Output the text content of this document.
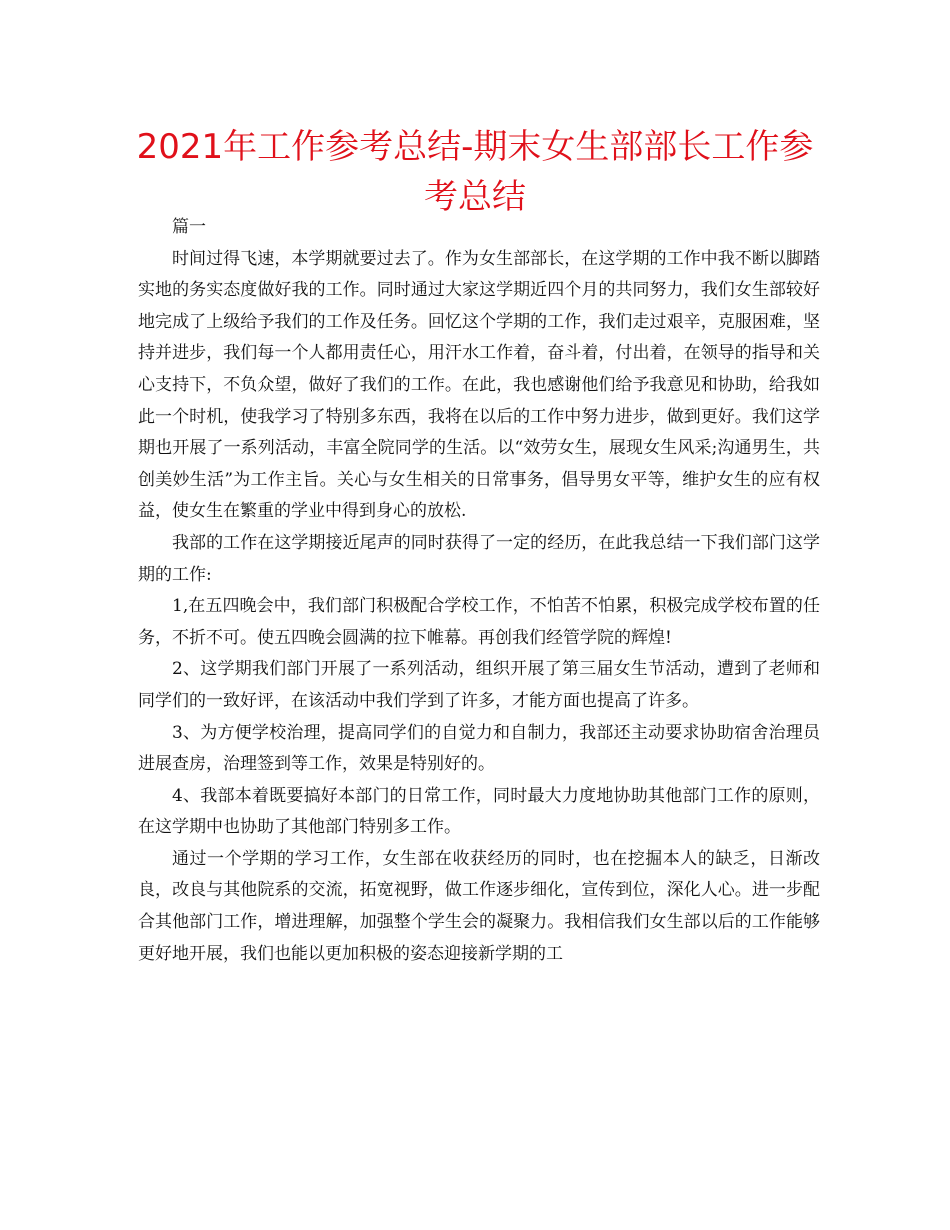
2021年工作参考总结-期末女生部部长工作参考总结

篇一

时间过得飞速，本学期就要过去了。作为女生部部长，在这学期的工作中我不断以脚踏实地的务实态度做好我的工作。同时通过大家这学期近四个月的共同努力，我们女生部较好地完成了上级给予我们的工作及任务。回忆这个学期的工作，我们走过艰辛，克服困难，坚持并进步，我们每一个人都用责任心，用汗水工作着，奋斗着，付出着，在领导的指导和关心支持下，不负众望，做好了我们的工作。在此，我也感谢他们给予我意见和协助，给我如此一个时机，使我学习了特别多东西，我将在以后的工作中努力进步，做到更好。我们这学期也开展了一系列活动，丰富全院同学的生活。以“效劳女生，展现女生风采;沟通男生，共创美妙生活”为工作主旨。关心与女生相关的日常事务，倡导男女平等，维护女生的应有权益，使女生在繁重的学业中得到身心的放松.

我部的工作在这学期接近尾声的同时获得了一定的经历，在此我总结一下我们部门这学期的工作:

1,在五四晚会中，我们部门积极配合学校工作，不怕苦不怕累，积极完成学校布置的任务，不折不可。使五四晚会圆满的拉下帷幕。再创我们经管学院的辉煌!

2、这学期我们部门开展了一系列活动，组织开展了第三届女生节活动，遭到了老师和同学们的一致好评，在该活动中我们学到了许多，才能方面也提高了许多。

3、为方便学校治理，提高同学们的自觉力和自制力，我部还主动要求协助宿舍治理员进展查房，治理签到等工作，效果是特别好的。

4、我部本着既要搞好本部门的日常工作，同时最大力度地协助其他部门工作的原则，在这学期中也协助了其他部门特别多工作。

通过一个学期的学习工作，女生部在收获经历的同时，也在挖掘本人的缺乏，日渐改良，改良与其他院系的交流，拓宽视野，做工作逐步细化，宣传到位，深化人心。进一步配合其他部门工作，增进理解，加强整个学生会的凝聚力。我相信我们女生部以后的工作能够更好地开展，我们也能以更加积极的姿态迎接新学期的工
